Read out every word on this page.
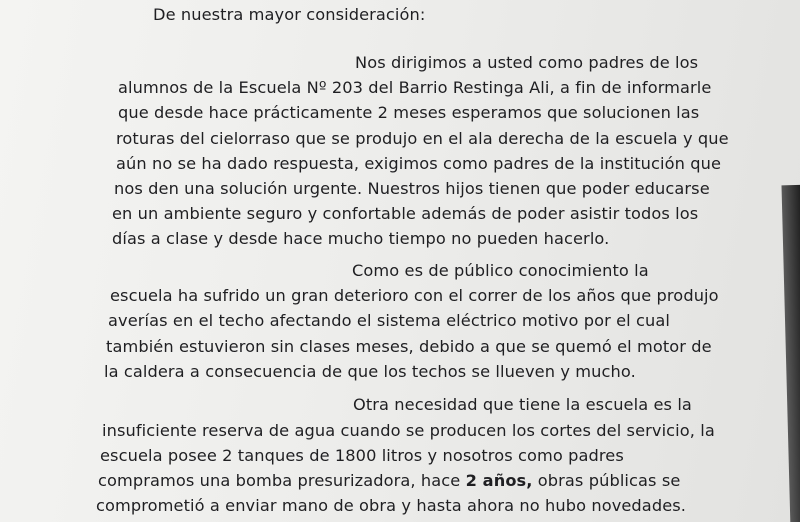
De nuestra mayor consideración:
Nos dirigimos a usted como padres de los
alumnos de la Escuela Nº 203 del Barrio Restinga Ali, a fin de informarle
que desde hace prácticamente 2 meses esperamos que solucionen las
roturas del cielorraso que se produjo en el ala derecha de la escuela y que
aún no se ha dado respuesta, exigimos como padres de la institución que
nos den una solución urgente. Nuestros hijos tienen que poder educarse
en un ambiente seguro y confortable además de poder asistir todos los
días a clase y desde hace mucho tiempo no pueden hacerlo.
Como es de público conocimiento la
escuela ha sufrido un gran deterioro con el correr de los años que produjo
averías en el techo afectando el sistema eléctrico motivo por el cual
también estuvieron sin clases meses, debido a que se quemó el motor de
la caldera a consecuencia de que los techos se llueven y mucho.
Otra necesidad que tiene la escuela es la
insuficiente reserva de agua cuando se producen los cortes del servicio, la
escuela posee 2 tanques de 1800 litros y nosotros como padres
compramos una bomba presurizadora, hace 2 años, obras públicas se
comprometió a enviar mano de obra y hasta ahora no hubo novedades.
